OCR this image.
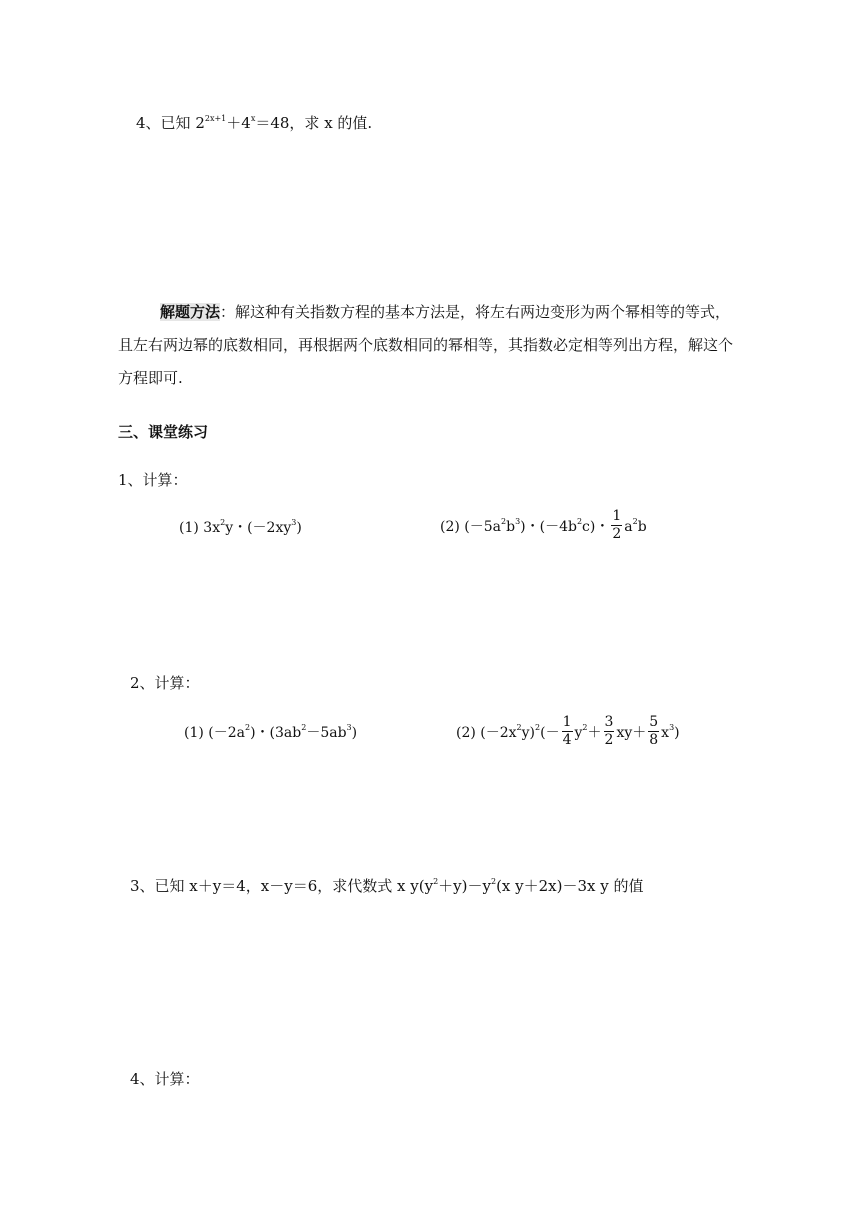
4、已知 $2^{2x+1}+4^x=48$，求 x 的值.
解题方法：解这种有关指数方程的基本方法是，将左右两边变形为两个幂相等的等式，且左右两边幂的底数相同，再根据两个底数相同的幂相等，其指数必定相等列出方程，解这个方程即可.
三、课堂练习
1、计算：
(1) $3x^2y$・$(-2xy^3)$	(2) $(-5a^2b^3)$・$(-4b^2c)$・ $\frac{1}{2} a^2b$
2、计算：
(1) $(-2a^2)$・$(3ab^2-5ab^3)$	(2) $(-2x^2y)^2(- \frac{1}{4} y^2+ \frac{3}{2} xy+ \frac{5}{8} x^3)$
3、已知 x＋y＝4，x－y＝6，求代数式 x $y(y^2+y)-y^2(x$ y＋2x)－3x y 的值
4、计算：
